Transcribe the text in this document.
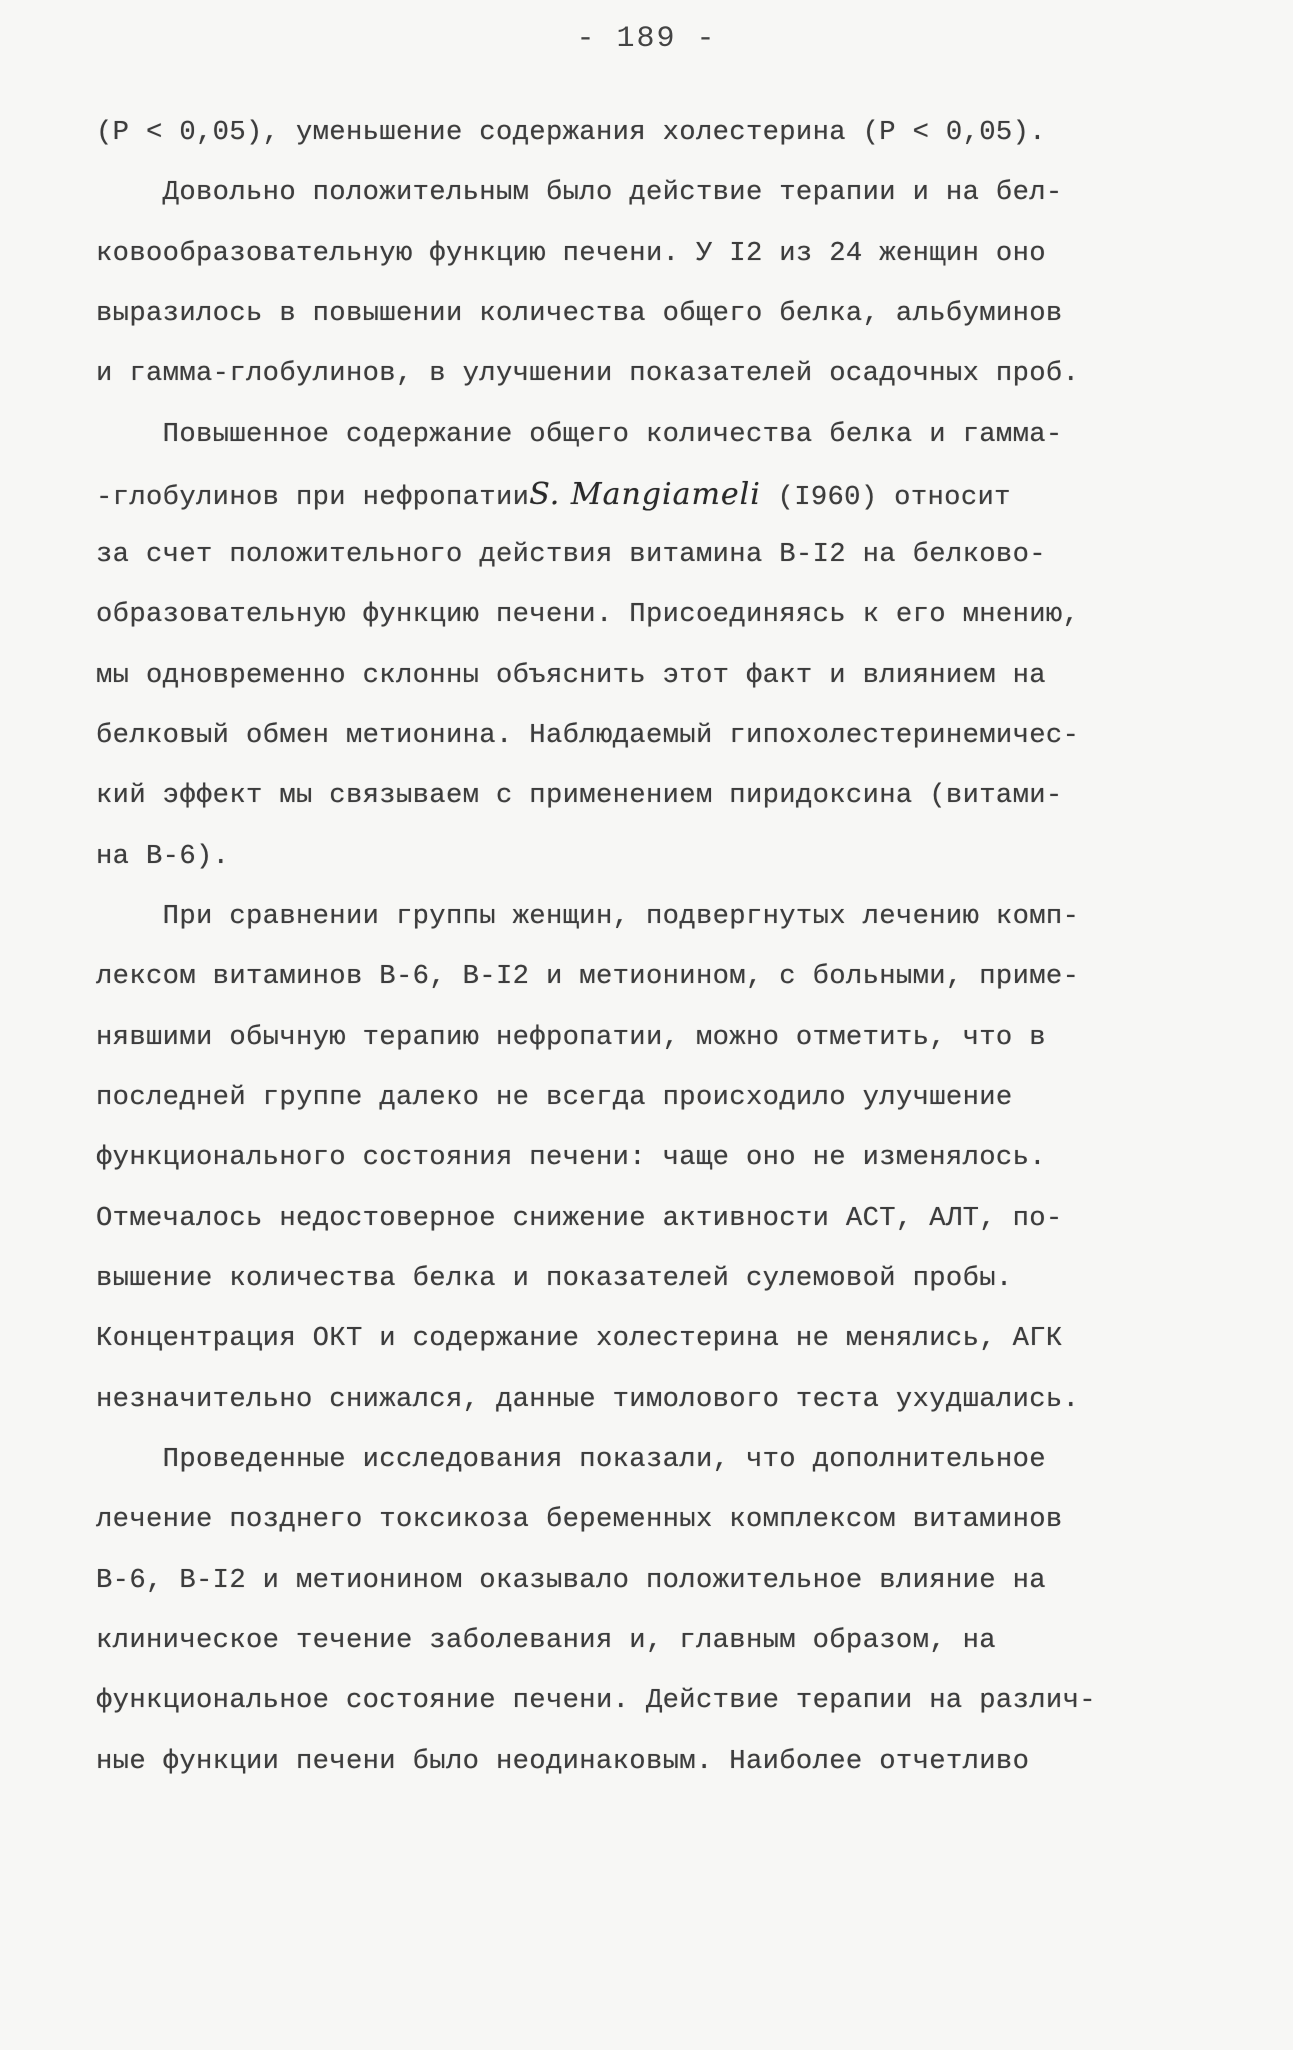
- 189 -
(P < 0,05), уменьшение содержания холестерина (P < 0,05).
Довольно положительным было действие терапии и на бел-
ковообразовательную функцию печени. У I2 из 24 женщин оно
выразилось в повышении количества общего белка, альбуминов
и гамма-глобулинов, в улучшении показателей осадочных проб.
Повышенное содержание общего количества белка и гамма-
-глобулинов при нефропатииS. Mangiameli (I960) относит
за счет положительного действия витамина В-I2 на белково-
образовательную функцию печени. Присоединяясь к его мнению,
мы одновременно склонны объяснить этот факт и влиянием на
белковый обмен метионина. Наблюдаемый гипохолестеринемичес-
кий эффект мы связываем с применением пиридоксина (витами-
на В-6).
При сравнении группы женщин, подвергнутых лечению комп-
лексом витаминов В-6, В-I2 и метионином, с больными, приме-
нявшими обычную терапию нефропатии, можно отметить, что в
последней группе далеко не всегда происходило улучшение
функционального состояния печени: чаще оно не изменялось.
Отмечалось недостоверное снижение активности АСТ, АЛТ, по-
вышение количества белка и показателей сулемовой пробы.
Концентрация ОКТ и содержание холестерина не менялись, АГК
незначительно снижался, данные тимолового теста ухудшались.
Проведенные исследования показали, что дополнительное
лечение позднего токсикоза беременных комплексом витаминов
В-6, В-I2 и метионином оказывало положительное влияние на
клиническое течение заболевания и, главным образом, на
функциональное состояние печени. Действие терапии на различ-
ные функции печени было неодинаковым. Наиболее отчетливо
